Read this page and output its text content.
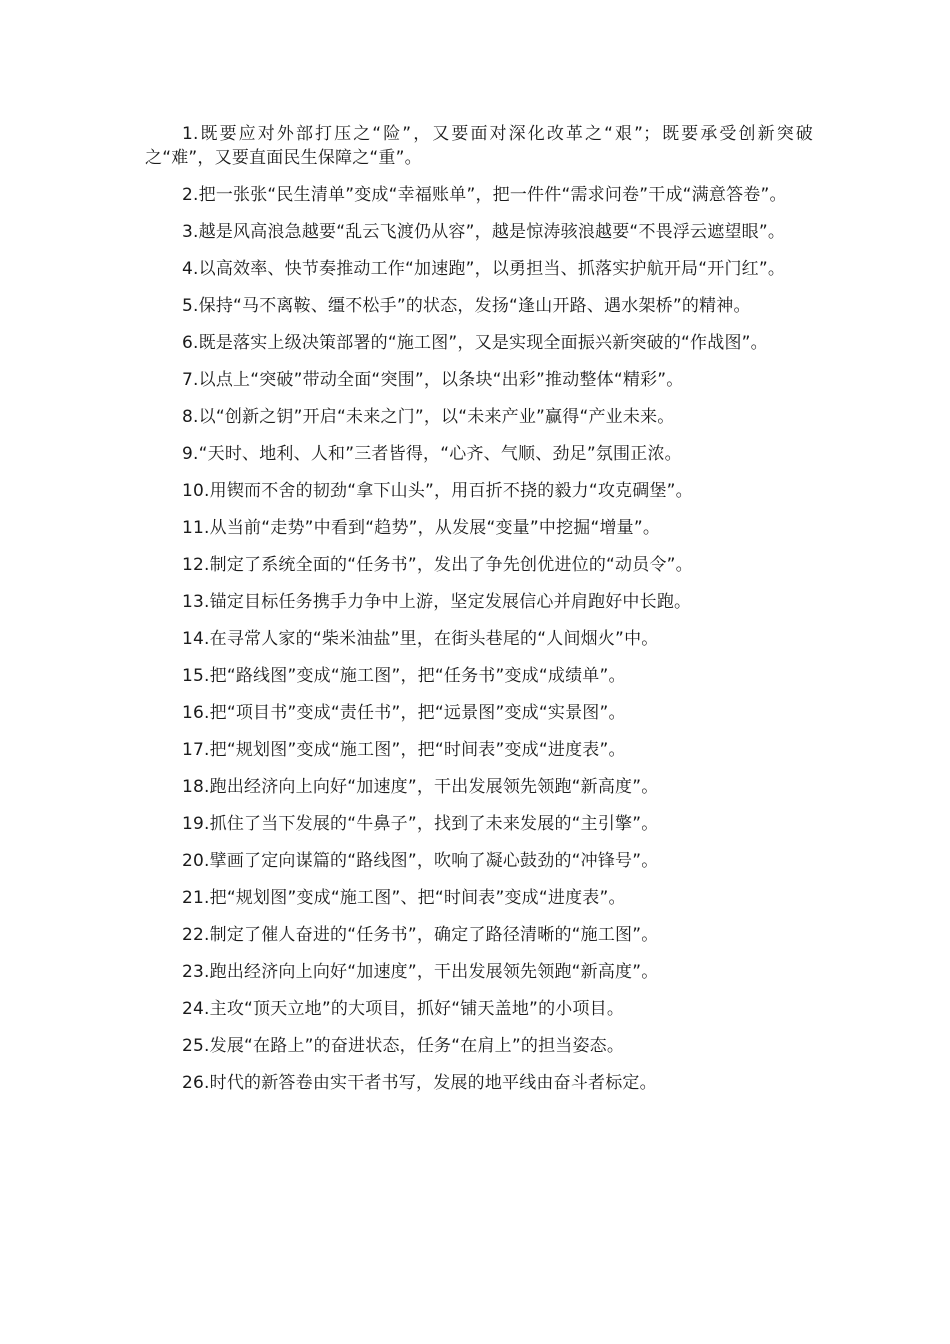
1.既要应对外部打压之“险”，又要面对深化改革之“艰”；既要承受创新突破之“难”，又要直面民生保障之“重”。

2.把一张张“民生清单”变成“幸福账单”，把一件件“需求问卷”干成“满意答卷”。

3.越是风高浪急越要“乱云飞渡仍从容”，越是惊涛骇浪越要“不畏浮云遮望眼”。

4.以高效率、快节奏推动工作“加速跑”，以勇担当、抓落实护航开局“开门红”。

5.保持“马不离鞍、缰不松手”的状态，发扬“逢山开路、遇水架桥”的精神。

6.既是落实上级决策部署的“施工图”，又是实现全面振兴新突破的“作战图”。

7.以点上“突破”带动全面“突围”，以条块“出彩”推动整体“精彩”。

8.以“创新之钥”开启“未来之门”，以“未来产业”赢得“产业未来。

9.“天时、地利、人和”三者皆得，“心齐、气顺、劲足”氛围正浓。

10.用锲而不舍的韧劲“拿下山头”，用百折不挠的毅力“攻克碉堡”。

11.从当前“走势”中看到“趋势”，从发展“变量”中挖掘“增量”。

12.制定了系统全面的“任务书”，发出了争先创优进位的“动员令”。

13.锚定目标任务携手力争中上游，坚定发展信心并肩跑好中长跑。

14.在寻常人家的“柴米油盐”里，在街头巷尾的“人间烟火”中。

15.把“路线图”变成“施工图”，把“任务书”变成“成绩单”。

16.把“项目书”变成“责任书”，把“远景图”变成“实景图”。

17.把“规划图”变成“施工图”，把“时间表”变成“进度表”。

18.跑出经济向上向好“加速度”，干出发展领先领跑“新高度”。

19.抓住了当下发展的“牛鼻子”，找到了未来发展的“主引擎”。

20.擘画了定向谋篇的“路线图”，吹响了凝心鼓劲的“冲锋号”。

21.把“规划图”变成“施工图”、把“时间表”变成“进度表”。

22.制定了催人奋进的“任务书”，确定了路径清晰的“施工图”。

23.跑出经济向上向好“加速度”，干出发展领先领跑“新高度”。

24.主攻“顶天立地”的大项目，抓好“铺天盖地”的小项目。

25.发展“在路上”的奋进状态，任务“在肩上”的担当姿态。

26.时代的新答卷由实干者书写，发展的地平线由奋斗者标定。
